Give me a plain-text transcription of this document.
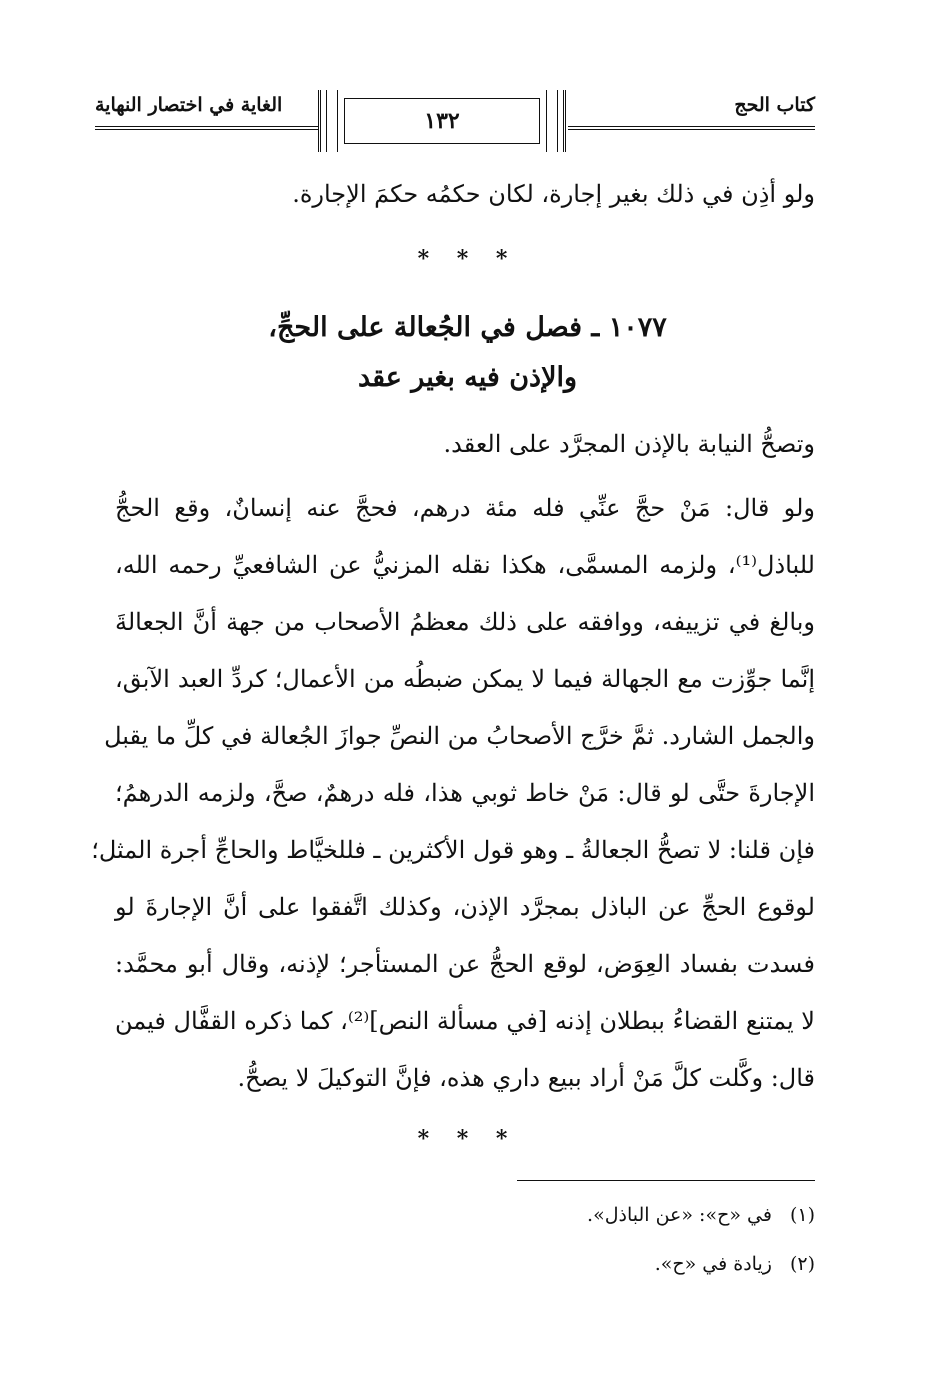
كتاب الحج
١٣٢
الغاية في اختصار النهاية
ولو أذِن في ذلك بغير إجارة، لكان حكمُه حكمَ الإجارة.
* * *
١٠٧٧ ـ فصل في الجُعالة على الحجِّ،
والإذن فيه بغير عقد
وتصحُّ النيابة بالإذن المجرَّد على العقد.
ولو قال: مَنْ حجَّ عنِّي فله مئة درهم، فحجَّ عنه إنسانٌ، وقع الحجُّ
للباذل⁽¹⁾، ولزمه المسمَّى، هكذا نقله المزنيُّ عن الشافعيِّ رحمه الله،
وبالغ في تزييفه، ووافقه على ذلك معظمُ الأصحاب من جهة أنَّ الجعالةَ
إنَّما جوِّزت مع الجهالة فيما لا يمكن ضبطُه من الأعمال؛ كردِّ العبد الآبق،
والجمل الشارد. ثمَّ خرَّج الأصحابُ من النصِّ جوازَ الجُعالة في كلِّ ما يقبل
الإجارةَ حتَّى لو قال: مَنْ خاط ثوبي هذا، فله درهمٌ، صحَّ، ولزمه الدرهمُ؛
فإن قلنا: لا تصحُّ الجعالةُ ـ وهو قول الأكثرين ـ فللخيَّاط والحاجِّ أجرة المثل؛
لوقوع الحجِّ عن الباذل بمجرَّد الإذن، وكذلك اتَّفقوا على أنَّ الإجارةَ لو
فسدت بفساد العِوَض، لوقع الحجُّ عن المستأجر؛ لإذنه، وقال أبو محمَّد:
لا يمتنع القضاءُ ببطلان إذنه [في مسألة النص]⁽²⁾، كما ذكره القفَّال فيمن
قال: وكَّلت كلَّ مَنْ أراد ببيع داري هذه، فإنَّ التوكيلَ لا يصحُّ.
* * *
(١)في «ح»: «عن الباذل».
(٢)زيادة في «ح».
